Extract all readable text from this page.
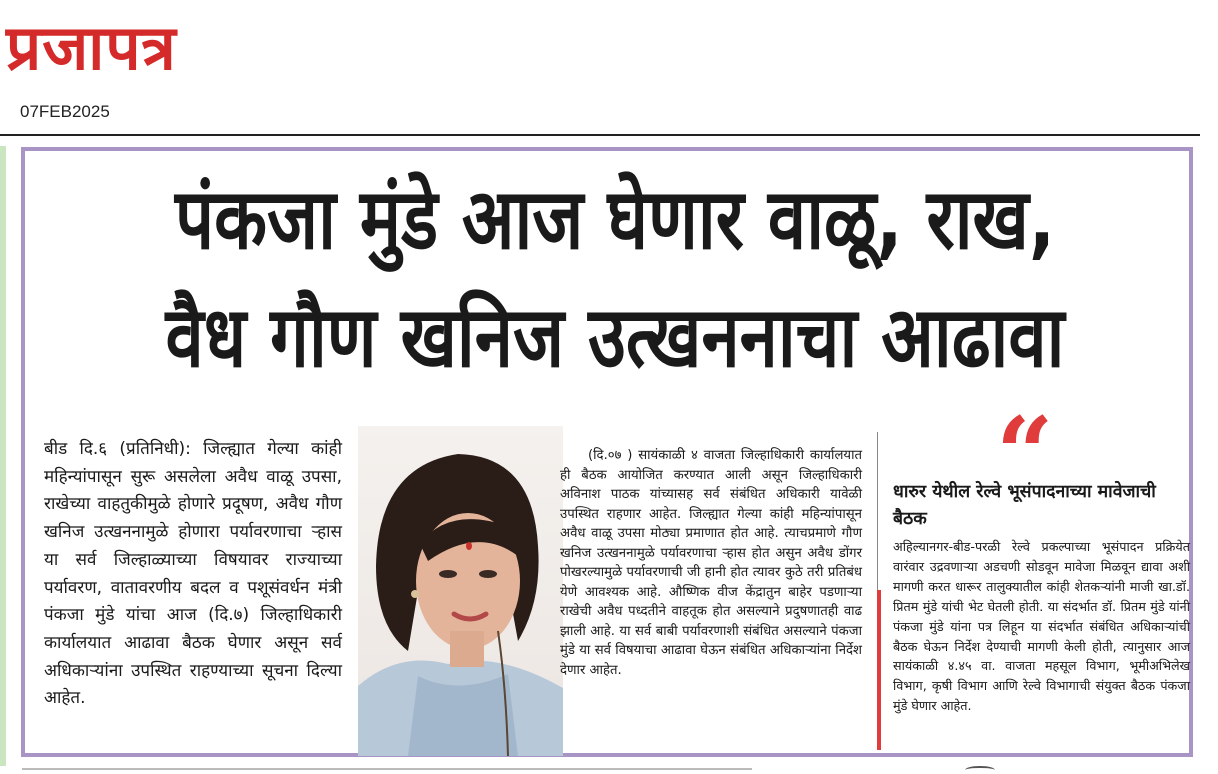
प्रजापत्र
07FEB2025
पंकजा मुंडे आज घेणार वाळू, राख,
वैध गौण खनिज उत्खननाचा आढावा

बीड दि.६ (प्रतिनिधी): जिल्ह्यात गेल्या कांही महिन्यांपासून सुरू असलेला अवैध वाळू उपसा, राखेच्या वाहतुकीमुळे होणारे प्रदूषण, अवैध गौण खनिज उत्खननामुळे होणारा पर्यावरणाचा ऱ्हास या सर्व जिल्हाळ्याच्या विषयावर राज्याच्या पर्यावरण, वातावरणीय बदल व पशूसंवर्धन मंत्री पंकजा मुंडे यांचा आज (दि.७) जिल्हाधिकारी कार्यालयात आढावा बैठक घेणार असून सर्व अधिकाऱ्यांना उपस्थित राहण्याच्या सूचना दिल्या आहेत.

(दि.०७ ) सायंकाळी ४ वाजता जिल्हाधिकारी कार्यालयात ही बैठक आयोजित करण्यात आली असून जिल्हाधिकारी अविनाश पाठक यांच्यासह सर्व संबंधित अधिकारी यावेळी उपस्थित राहणार आहेत. जिल्ह्यात गेल्या कांही महिन्यांपासून अवैध वाळू उपसा मोठ्या प्रमाणात होत आहे. त्याचप्रमाणे गौण खनिज उत्खननामुळे पर्यावरणाचा ऱ्हास होत असुन अवैध डोंगर पोखरल्यामुळे पर्यावरणाची जी हानी होत त्यावर कुठे तरी प्रतिबंध येणे आवश्यक आहे. औष्णिक वीज केंद्रातुन बाहेर पडणाऱ्या राखेची अवैध पध्दतीने वाहतूक होत असल्याने प्रदुषणातही वाढ झाली आहे. या सर्व बाबी पर्यावरणाशी संबंधित असल्याने पंकजा मुंडे या सर्व विषयाचा आढावा घेऊन संबंधित अधिकाऱ्यांना निर्देश देणार आहेत.

“
धारुर येथील रेल्वे भूसंपादनाच्या मावेजाची बैठक

अहिल्यानगर-बीड-परळी रेल्वे प्रकल्पाच्या भूसंपादन प्रक्रियेत वारंवार उद्रवणाऱ्या अडचणी सोडवून मावेजा मिळवून द्यावा अशी मागणी करत धारूर तालुक्यातील कांही शेतकऱ्यांनी माजी खा.डॉ. प्रितम मुंडे यांची भेट घेतली होती. या संदर्भात डॉ. प्रितम मुंडे यांनी पंकजा मुंडे यांना पत्र लिहून या संदर्भात संबंधित अधिकाऱ्यांची बैठक घेऊन निर्देश देण्याची मागणी केली होती, त्यानुसार आज सायंकाळी ४.४५ वा. वाजता महसूल विभाग, भूमीअभिलेख विभाग, कृषी विभाग आणि रेल्वे विभागाची संयुक्त बैठक पंकजा मुंडे घेणार आहेत.
